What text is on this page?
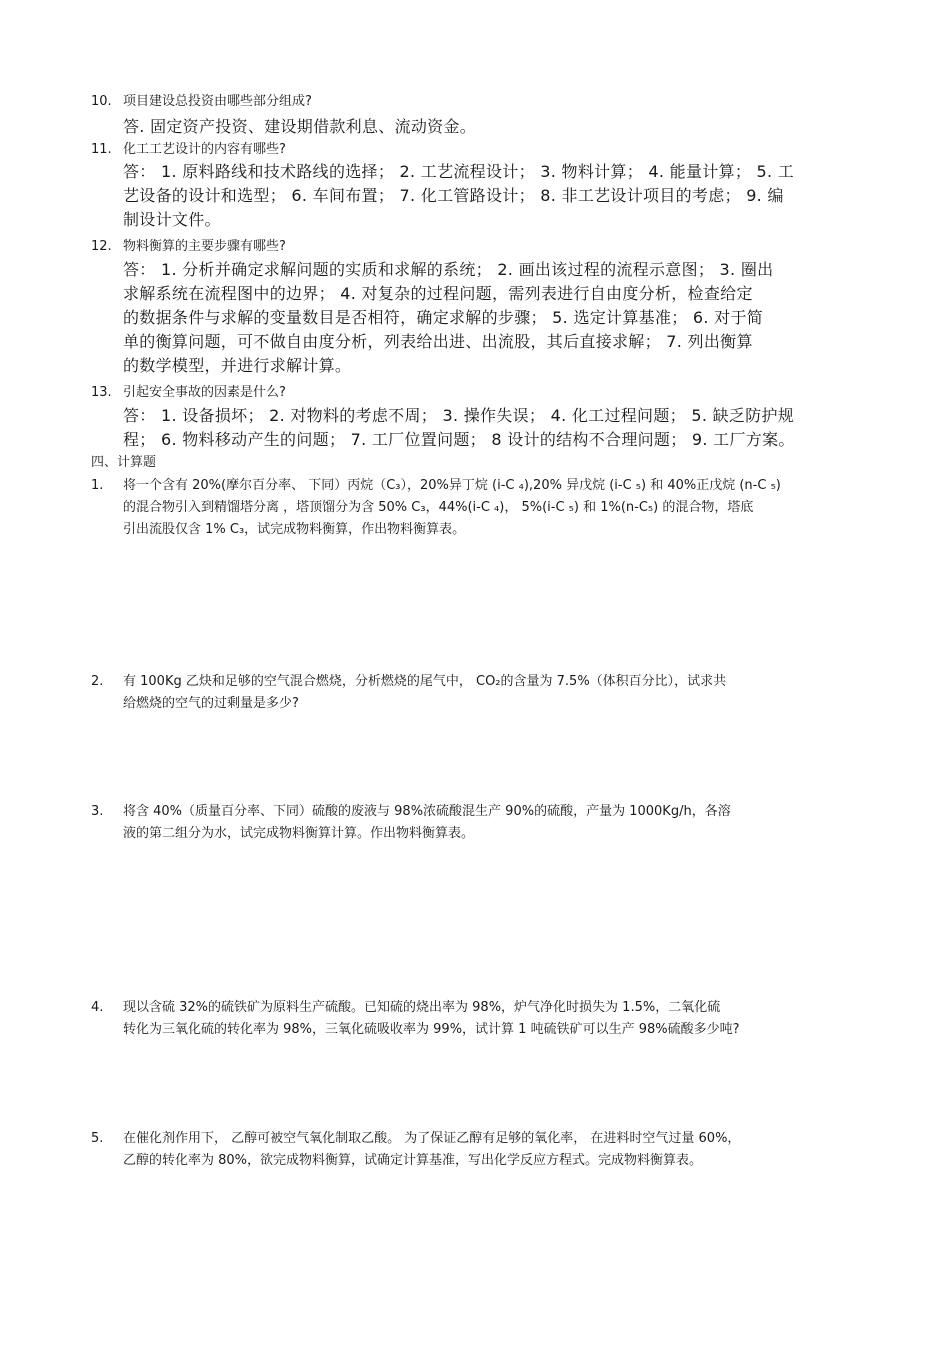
10. 项目建设总投资由哪些部分组成?
答. 固定资产投资、建设期借款利息、流动资金。
11. 化工工艺设计的内容有哪些?
答： 1. 原料路线和技术路线的选择； 2. 工艺流程设计； 3. 物料计算； 4. 能量计算； 5. 工
艺设备的设计和选型； 6. 车间布置； 7. 化工管路设计； 8. 非工艺设计项目的考虑； 9. 编
制设计文件。
12. 物料衡算的主要步骤有哪些?
答： 1. 分析并确定求解问题的实质和求解的系统； 2. 画出该过程的流程示意图； 3. 圈出
求解系统在流程图中的边界； 4. 对复杂的过程问题，需列表进行自由度分析，检查给定
的数据条件与求解的变量数目是否相符，确定求解的步骤； 5. 选定计算基准； 6. 对于简
单的衡算问题，可不做自由度分析，列表给出进、出流股，其后直接求解； 7. 列出衡算
的数学模型，并进行求解计算。
13. 引起安全事故的因素是什么?
答： 1. 设备损坏； 2. 对物料的考虑不周； 3. 操作失误； 4. 化工过程问题； 5. 缺乏防护规
程； 6. 物料移动产生的问题； 7. 工厂位置问题； 8 设计的结构不合理问题； 9. 工厂方案。
四、计算题
1.	将一个含有 20%(摩尔百分率、 下同）丙烷（C₃），20%异丁烷 (i-C ₄),20% 异戊烷 (i-C ₅) 和 40%正戊烷 (n-C ₅)
的混合物引入到精馏塔分离 ，塔顶馏分为含 50% C₃，44%(i-C ₄)， 5%(i-C ₅) 和 1%(n-C₅) 的混合物，塔底
引出流股仅含 1% C₃，试完成物料衡算，作出物料衡算表。
2.	有 100Kg 乙炔和足够的空气混合燃烧，分析燃烧的尾气中， CO₂的含量为 7.5%（体积百分比），试求共
给燃烧的空气的过剩量是多少?
3.	将含 40%（质量百分率、下同）硫酸的废液与 98%浓硫酸混生产 90%的硫酸，产量为 1000Kg/h，各溶
液的第二组分为水，试完成物料衡算计算。作出物料衡算表。
4.	现以含硫 32%的硫铁矿为原料生产硫酸。已知硫的烧出率为 98%，炉气净化时损失为 1.5%，二氧化硫
转化为三氧化硫的转化率为 98%，三氧化硫吸收率为 99%，试计算 1 吨硫铁矿可以生产 98%硫酸多少吨?
5.	在催化剂作用下， 乙醇可被空气氧化制取乙酸。 为了保证乙醇有足够的氧化率， 在进料时空气过量 60%，
乙醇的转化率为 80%，欲完成物料衡算，试确定计算基准，写出化学反应方程式。完成物料衡算表。
